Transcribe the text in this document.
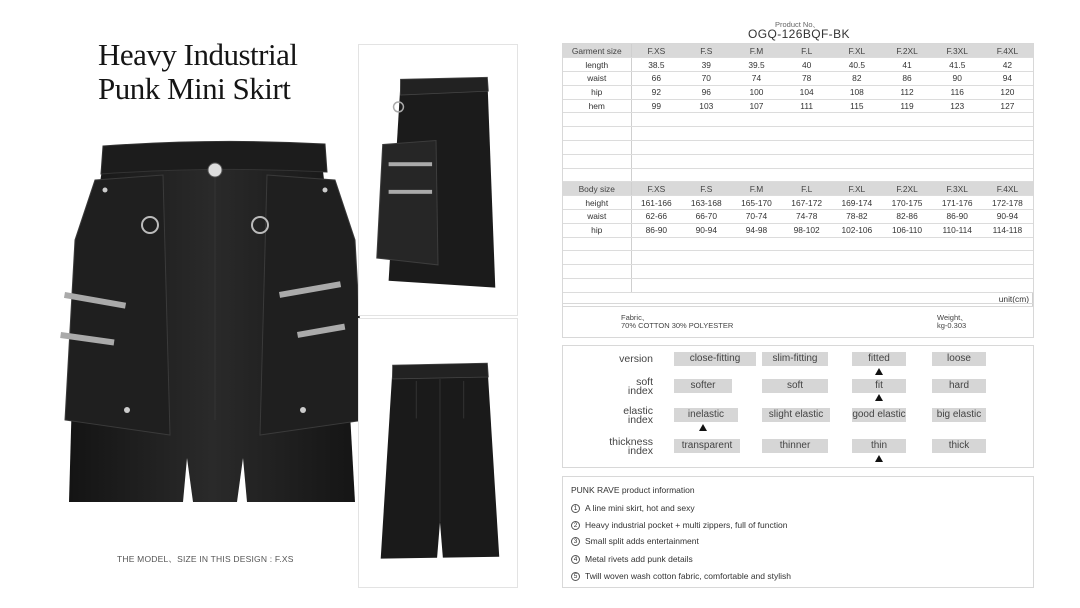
Heavy Industrial
Punk Mini Skirt
THE MODEL、SIZE IN THIS DESIGN : F.XS
Product No、
OGQ-126BQF-BK
Garment size	F.XS	F.S	F.M	F.L	F.XL	F.2XL	F.3XL	F.4XL
length	38.5	39	39.5	40	40.5	41	41.5	42
waist	66	70	74	78	82	86	90	94
hip	92	96	100	104	108	112	116	120
hem	99	103	107	111	115	119	123	127

Body size	F.XS	F.S	F.M	F.L	F.XL	F.2XL	F.3XL	F.4XL
height	161-166	163-168	165-170	167-172	169-174	170-175	171-176	172-178
waist	62-66	66-70	70-74	74-78	78-82	82-86	86-90	90-94
hip	86-90	90-94	94-98	98-102	102-106	106-110	110-114	114-118

unit(cm)								
Fabric、
70% COTTON 30% POLYESTER
Weight、
kg-0.303
version	close-fitting	slim-fitting	fitted	loose
soft
index	softer	soft	fit	hard
elastic
index	inelastic	slight elastic	good elastic	big elastic
thickness
index	transparent	thinner	thin	thick
PUNK RAVE product information
1 A line mini skirt, hot and sexy
2 Heavy industrial pocket + multi zippers, full of function
3 Small split adds entertainment
4 Metal rivets add punk details
5 Twill woven wash cotton fabric, comfortable and stylish
